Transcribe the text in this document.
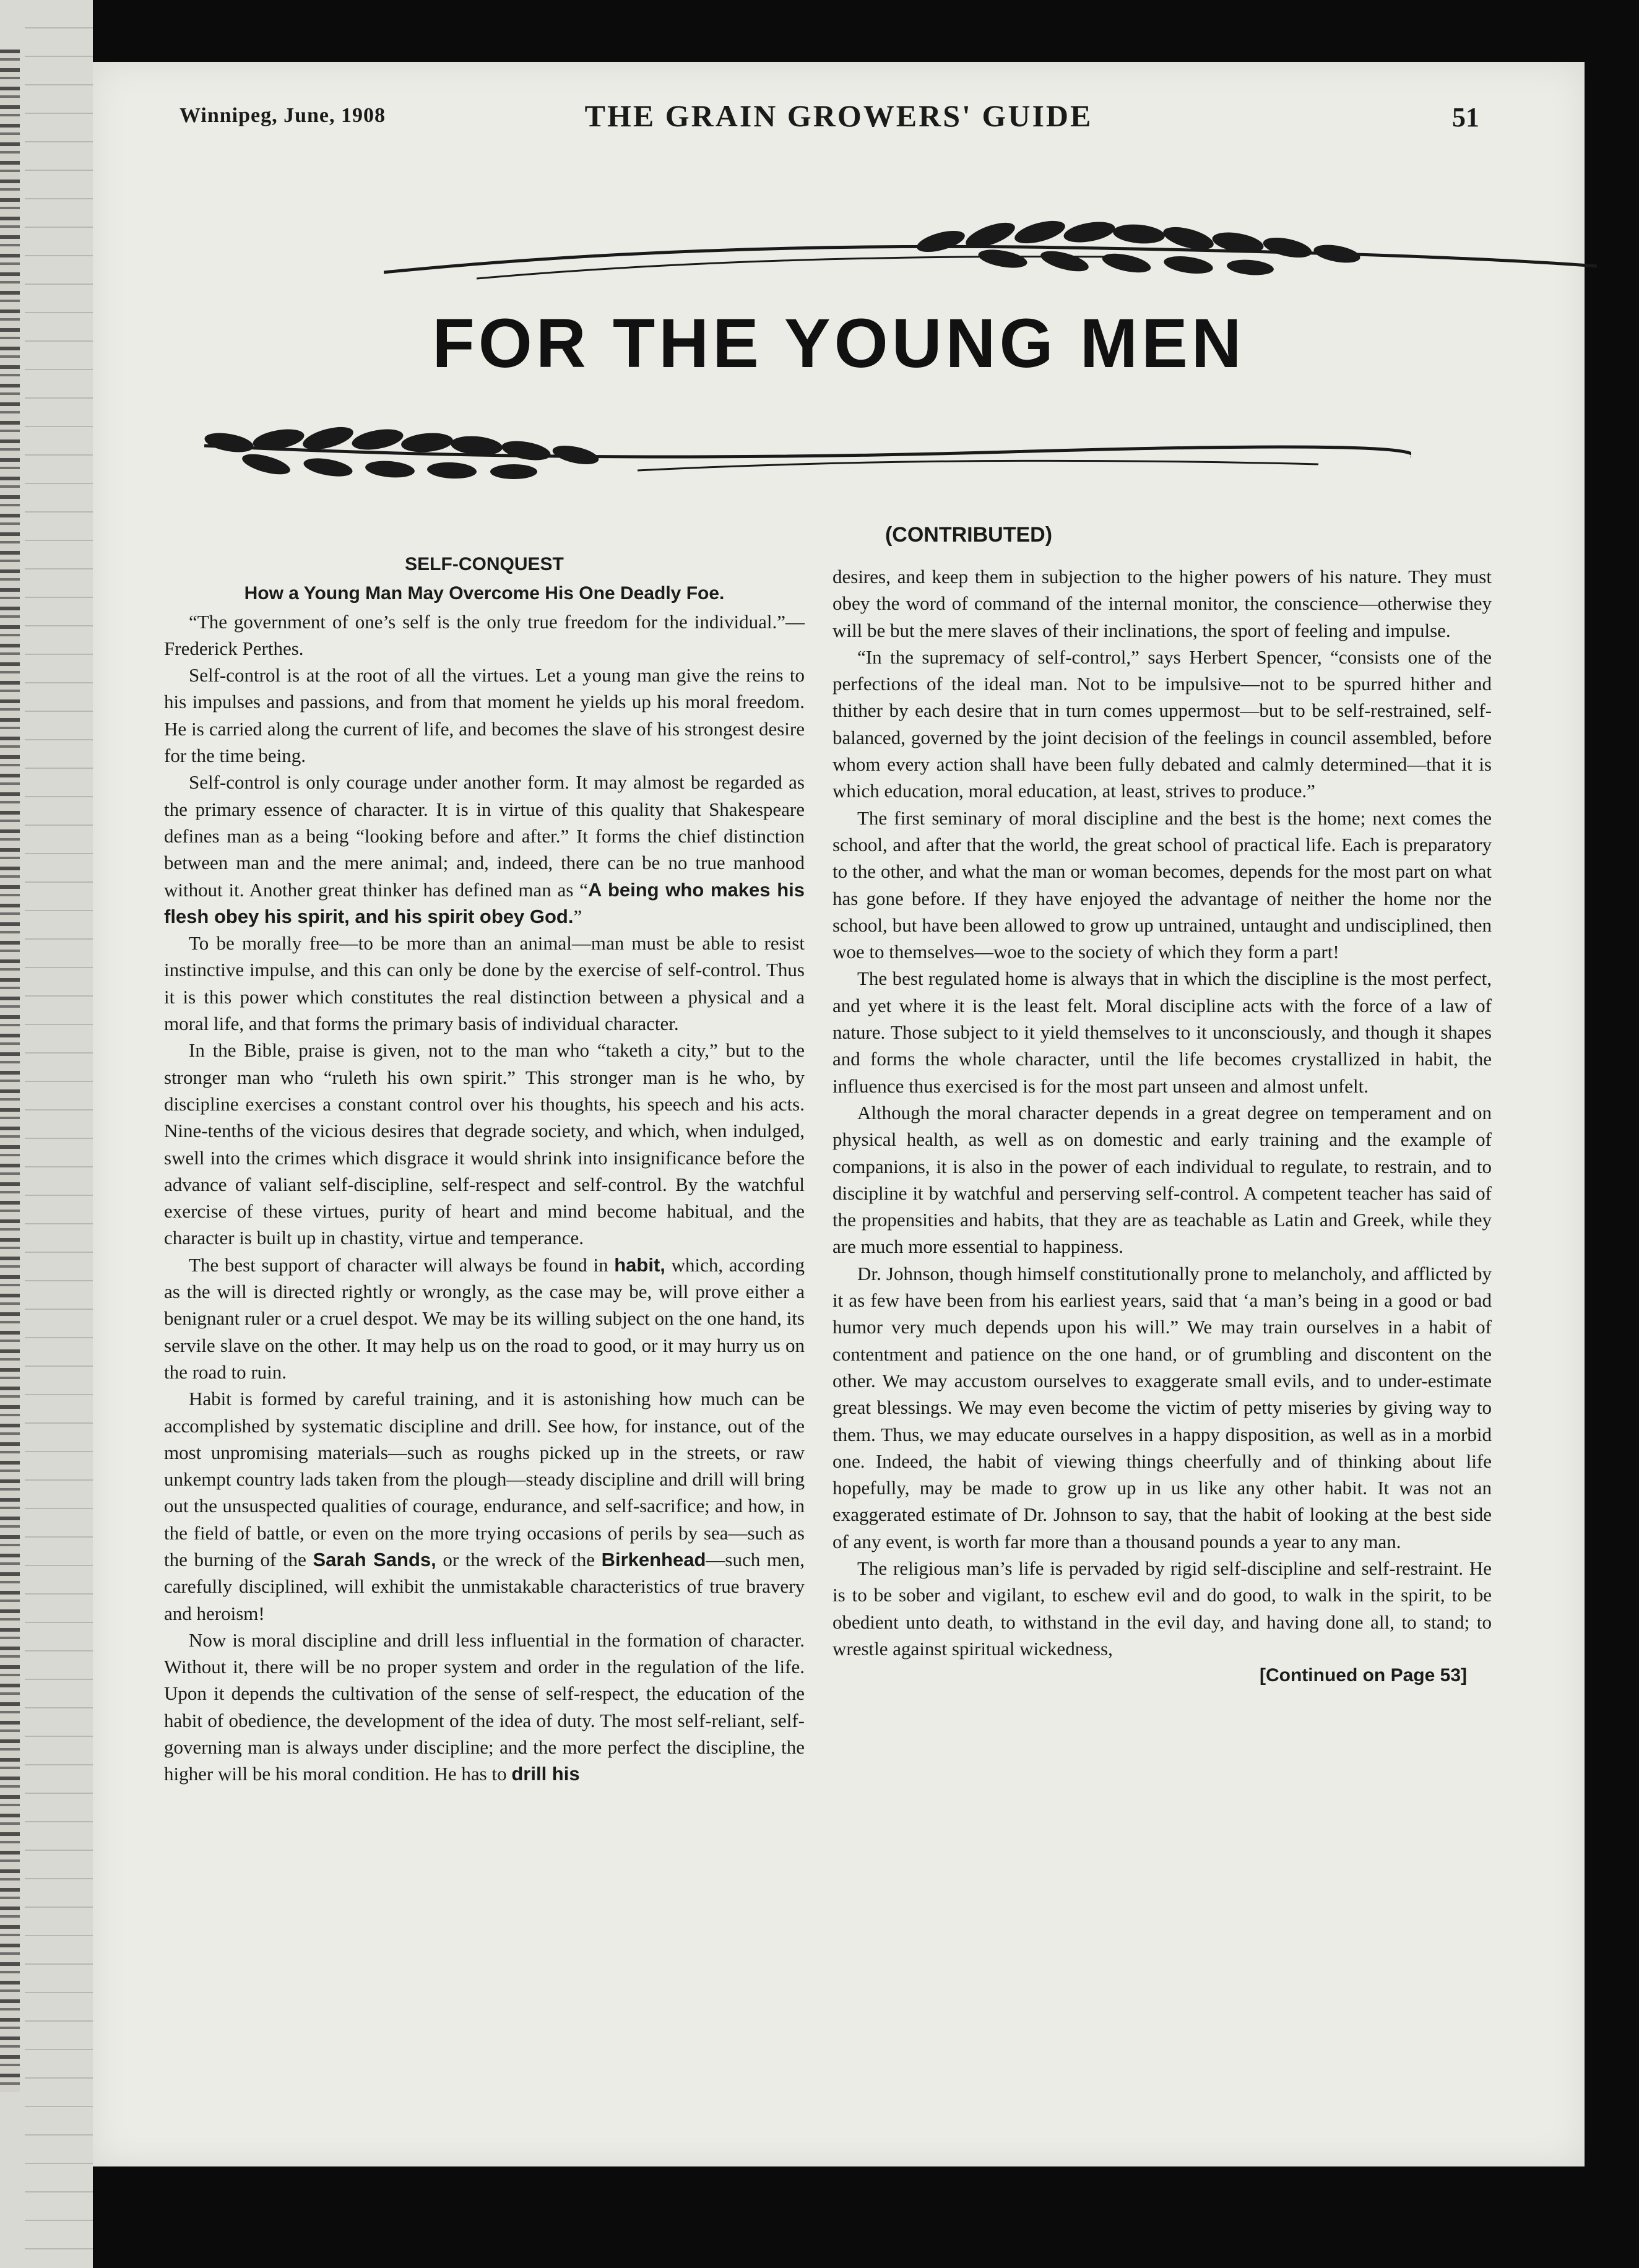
Winnipeg, June, 1908	THE GRAIN GROWERS' GUIDE	51
FOR THE YOUNG MEN
(CONTRIBUTED)

SELF-CONQUEST

How a Young Man May Overcome His One Deadly Foe.

“The government of one’s self is the only true freedom for the individual.”—Frederick Perthes.

Self-control is at the root of all the virtues. Let a young man give the reins to his impulses and passions, and from that moment he yields up his moral freedom. He is carried along the current of life, and becomes the slave of his strongest desire for the time being.

Self-control is only courage under another form. It may almost be regarded as the primary essence of character. It is in virtue of this quality that Shakespeare defines man as a being “looking before and after.” It forms the chief distinction between man and the mere animal; and, indeed, there can be no true manhood without it. Another great thinker has defined man as “A being who makes his flesh obey his spirit, and his spirit obey God.”

To be morally free—to be more than an animal—man must be able to resist instinctive impulse, and this can only be done by the exercise of self-control. Thus it is this power which constitutes the real distinction between a physical and a moral life, and that forms the primary basis of individual character.

In the Bible, praise is given, not to the man who “taketh a city,” but to the stronger man who “ruleth his own spirit.” This stronger man is he who, by discipline exercises a constant control over his thoughts, his speech and his acts. Nine-tenths of the vicious desires that degrade society, and which, when indulged, swell into the crimes which disgrace it would shrink into insignificance before the advance of valiant self-discipline, self-respect and self-control. By the watchful exercise of these virtues, purity of heart and mind become habitual, and the character is built up in chastity, virtue and temperance.

The best support of character will always be found in habit, which, according as the will is directed rightly or wrongly, as the case may be, will prove either a benignant ruler or a cruel despot. We may be its willing subject on the one hand, its servile slave on the other. It may help us on the road to good, or it may hurry us on the road to ruin.

Habit is formed by careful training, and it is astonishing how much can be accomplished by systematic discipline and drill. See how, for instance, out of the most unpromising materials—such as roughs picked up in the streets, or raw unkempt country lads taken from the plough—steady discipline and drill will bring out the unsuspected qualities of courage, endurance, and self-sacrifice; and how, in the field of battle, or even on the more trying occasions of perils by sea—such as the burning of the Sarah Sands, or the wreck of the Birkenhead—such men, carefully disciplined, will exhibit the unmistakable characteristics of true bravery and heroism!

Now is moral discipline and drill less influential in the formation of character. Without it, there will be no proper system and order in the regulation of the life. Upon it depends the cultivation of the sense of self-respect, the education of the habit of obedience, the development of the idea of duty. The most self-reliant, self-governing man is always under discipline; and the more perfect the discipline, the higher will be his moral condition. He has to drill his

desires, and keep them in subjection to the higher powers of his nature. They must obey the word of command of the internal monitor, the conscience—otherwise they will be but the mere slaves of their inclinations, the sport of feeling and impulse.

“In the supremacy of self-control,” says Herbert Spencer, “consists one of the perfections of the ideal man. Not to be impulsive—not to be spurred hither and thither by each desire that in turn comes uppermost—but to be self-restrained, self-balanced, governed by the joint decision of the feelings in council assembled, before whom every action shall have been fully debated and calmly determined—that it is which education, moral education, at least, strives to produce.”

The first seminary of moral discipline and the best is the home; next comes the school, and after that the world, the great school of practical life. Each is preparatory to the other, and what the man or woman becomes, depends for the most part on what has gone before. If they have enjoyed the advantage of neither the home nor the school, but have been allowed to grow up untrained, untaught and undisciplined, then woe to themselves—woe to the society of which they form a part!

The best regulated home is always that in which the discipline is the most perfect, and yet where it is the least felt. Moral discipline acts with the force of a law of nature. Those subject to it yield themselves to it unconsciously, and though it shapes and forms the whole character, until the life becomes crystallized in habit, the influence thus exercised is for the most part unseen and almost unfelt.

Although the moral character depends in a great degree on temperament and on physical health, as well as on domestic and early training and the example of companions, it is also in the power of each individual to regulate, to restrain, and to discipline it by watchful and perserving self-control. A competent teacher has said of the propensities and habits, that they are as teachable as Latin and Greek, while they are much more essential to happiness.

Dr. Johnson, though himself constitutionally prone to melancholy, and afflicted by it as few have been from his earliest years, said that ‘a man’s being in a good or bad humor very much depends upon his will.” We may train ourselves in a habit of contentment and patience on the one hand, or of grumbling and discontent on the other. We may accustom ourselves to exaggerate small evils, and to under-estimate great blessings. We may even become the victim of petty miseries by giving way to them. Thus, we may educate ourselves in a happy disposition, as well as in a morbid one. Indeed, the habit of viewing things cheerfully and of thinking about life hopefully, may be made to grow up in us like any other habit. It was not an exaggerated estimate of Dr. Johnson to say, that the habit of looking at the best side of any event, is worth far more than a thousand pounds a year to any man.

The religious man’s life is pervaded by rigid self-discipline and self-restraint. He is to be sober and vigilant, to eschew evil and do good, to walk in the spirit, to be obedient unto death, to withstand in the evil day, and having done all, to stand; to wrestle against spiritual wickedness,

[Continued on Page 53]
